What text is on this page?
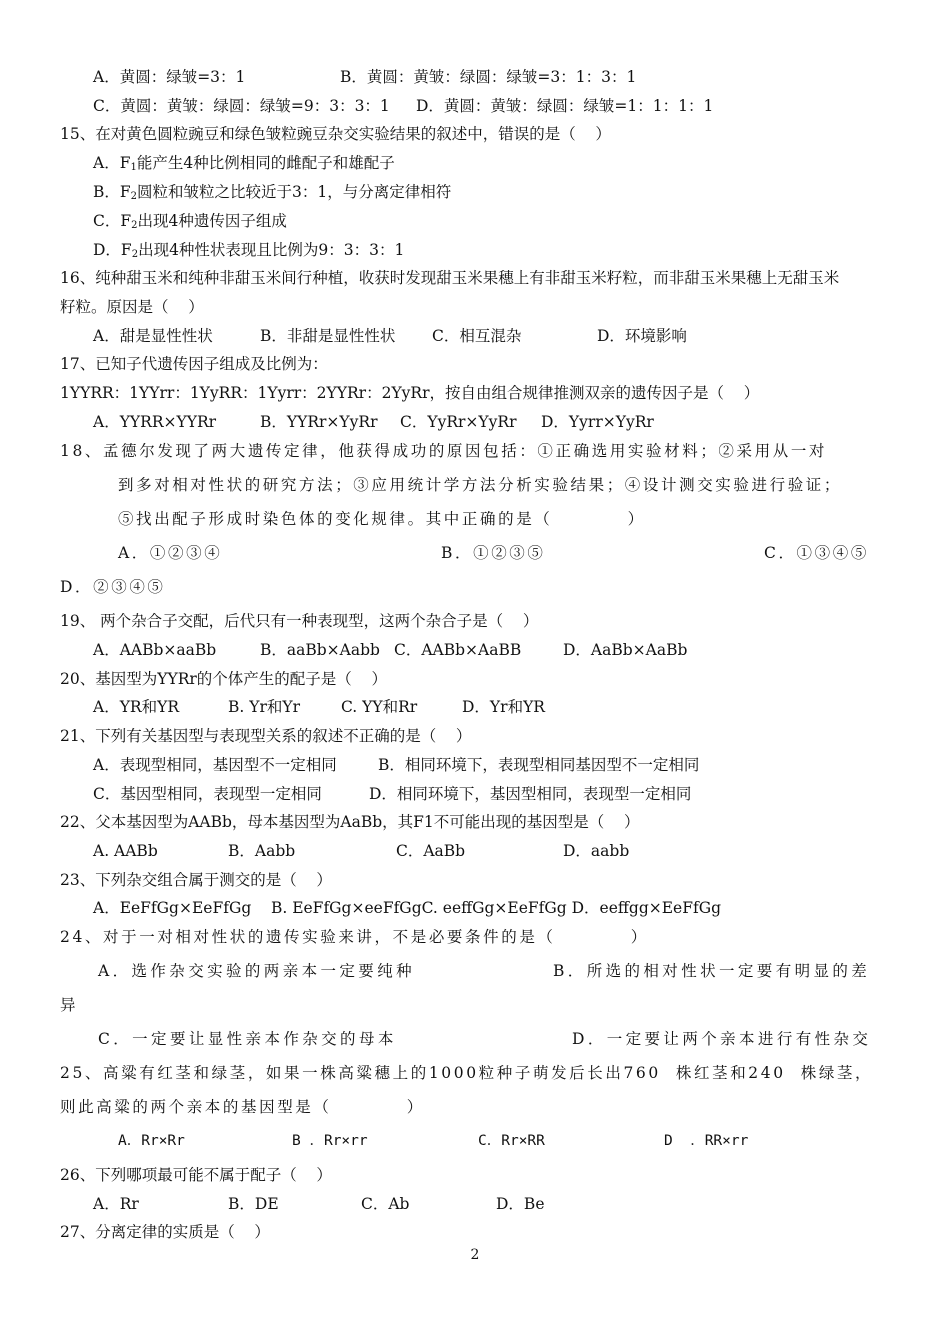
A．黄圆：绿皱=3：1	B．黄圆：黄皱：绿圆：绿皱=3：1：3：1
C．黄圆：黄皱：绿圆：绿皱=9：3：3：1 D．黄圆：黄皱：绿圆：绿皱=1：1：1：1
15、在对黄色圆粒豌豆和绿色皱粒豌豆杂交实验结果的叙述中，错误的是（    ）
A．$F_1$能产生4种比例相同的雌配子和雄配子
B．$F_2$圆粒和皱粒之比较近于3：1，与分离定律相符
C．$F_2$出现4种遗传因子组成
D．$F_2$出现4种性状表现且比例为9：3：3：1
16、纯种甜玉米和纯种非甜玉米间行种植，收获时发现甜玉米果穗上有非甜玉米籽粒，而非甜玉米果穗上无甜玉米
籽粒。原因是（    ）
A．甜是显性性状	B．非甜是显性性状 C．相互混杂	D．环境影响
17、已知子代遗传因子组成及比例为：
1YYRR：1YYrr：1YyRR：1Yyrr：2YYRr：2YyRr，按自由组合规律推测双亲的遗传因子是（    ）
A．YYRR×YYRr	B．YYRr×YyRr C．YyRr×YyRr D．Yyrr×YyRr
18、孟德尔发现了两大遗传定律，他获得成功的原因包括：①正确选用实验材料；②采用从一对
到多对相对性状的研究方法；③应用统计学方法分析实验结果；④设计测交实验进行验证；
⑤找出配子形成时染色体的变化规律。其中正确的是（          ）
A．①②③④	B．①②③⑤	C．①③④⑤
D．②③④⑤
19、 两个杂合子交配，后代只有一种表现型，这两个杂合子是（    ）
A．AABb×aaBb	B．aaBb×Aabb C．AABb×AaBB	D．AaBb×AaBb
20、基因型为YYRr的个体产生的配子是（    ）
A．YR和YR	B. Yr和Yr	C. YY和Rr	D．Yr和YR
21、下列有关基因型与表现型关系的叙述不正确的是（    ）
A．表现型相同，基因型不一定相同	B．相同环境下，表现型相同基因型不一定相同
C．基因型相同，表现型一定相同	D．相同环境下，基因型相同，表现型一定相同
22、父本基因型为AABb，母本基因型为AaBb，其F1不可能出现的基因型是（    ）
A. AABb	B．Aabb	C．AaBb	D．aabb
23、下列杂交组合属于测交的是（    ）
A．EeFfGg×EeFfGg    B. EeFfGg×eeFfGgC. eeffGg×EeFfGg D．eeffgg×EeFfGg
24、对于一对相对性状的遗传实验来讲，不是必要条件的是（          ）
A．选作杂交实验的两亲本一定要纯种	B．所选的相对性状一定要有明显的差
异
C．一定要让显性亲本作杂交的母本	D．一定要让两个亲本进行有性杂交
25、高粱有红茎和绿茎，如果一株高粱穗上的1000粒种子萌发后长出760  株红茎和240  株绿茎，
则此高粱的两个亲本的基因型是（          ）
A．Rr×Rr	B ．Rr×rr	C．Rr×RR	D  ．RR×rr
26、下列哪项最可能不属于配子（    ）
A．Rr	B．DE	C．Ab	D．Be
27、分离定律的实质是（    ）
2
